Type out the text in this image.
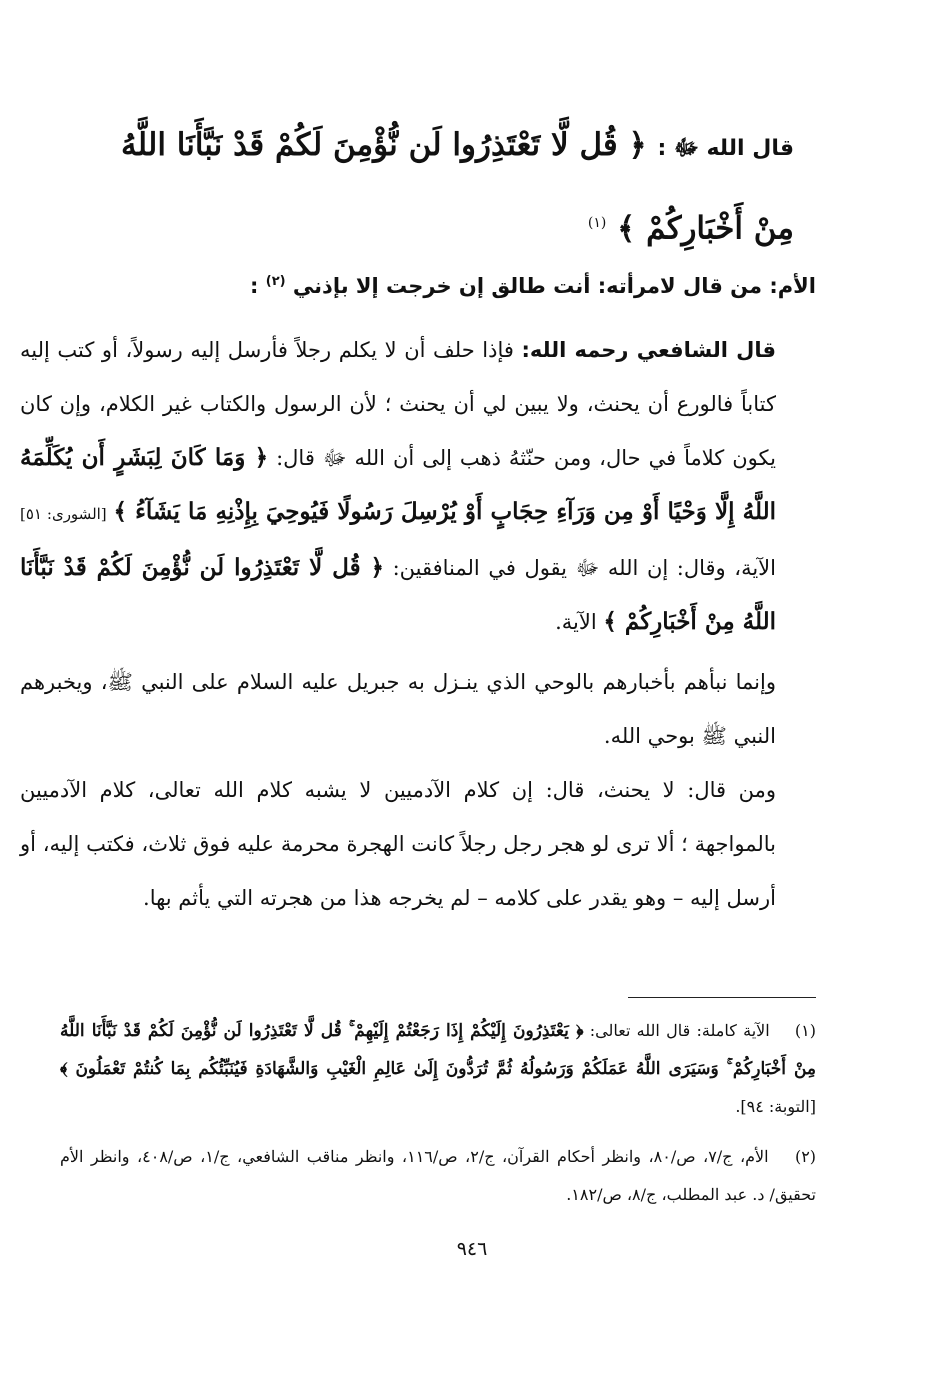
قال الله ﷻ : ﴿ قُل لَّا تَعْتَذِرُوا لَن نُّؤْمِنَ لَكُمْ قَدْ نَبَّأَنَا اللَّهُ مِنْ أَخْبَارِكُمْ ﴾ $^{(١)}$
الأم: من قال لامرأته: أنت طالق إن خرجت إلا بإذني $^{(٢)}$ :
قال الشافعي رحمه الله: فإذا حلف أن لا يكلم رجلاً فأرسل إليه رسولاً، أو كتب إليه كتاباً فالورع أن يحنث، ولا يبين لي أن يحنث ؛ لأن الرسول والكتاب غير الكلام، وإن كان يكون كلاماً في حال، ومن حنّثهُ ذهب إلى أن الله ﷻ قال: ﴿ وَمَا كَانَ لِبَشَرٍ أَن يُكَلِّمَهُ اللَّهُ إِلَّا وَحْيًا أَوْ مِن وَرَآءِ حِجَابٍ أَوْ يُرْسِلَ رَسُولًا فَيُوحِيَ بِإِذْنِهِ مَا يَشَآءُ ﴾ [الشورى: ٥١] الآية، وقال: إن الله ﷻ يقول في المنافقين: ﴿ قُل لَّا تَعْتَذِرُوا لَن نُّؤْمِنَ لَكُمْ قَدْ نَبَّأَنَا اللَّهُ مِنْ أَخْبَارِكُمْ ﴾ الآية.
وإنما نبأهم بأخبارهم بالوحي الذي ينـزل به جبريل عليه السلام على النبي ﷺ، ويخبرهم النبي ﷺ بوحي الله.
ومن قال: لا يحنث، قال: إن كلام الآدميين لا يشبه كلام الله تعالى، كلام الآدميين بالمواجهة ؛ ألا ترى لو هجر رجل رجلاً كانت الهجرة محرمة عليه فوق ثلاث، فكتب إليه، أو أرسل إليه – وهو يقدر على كلامه – لم يخرجه هذا من هجرته التي يأثم بها.
(١) الآية كاملة: قال الله تعالى: ﴿ يَعْتَذِرُونَ إِلَيْكُمْ إِذَا رَجَعْتُمْ إِلَيْهِمْ ۚ قُل لَّا تَعْتَذِرُوا لَن نُّؤْمِنَ لَكُمْ قَدْ نَبَّأَنَا اللَّهُ مِنْ أَخْبَارِكُمْ ۚ وَسَيَرَى اللَّهُ عَمَلَكُمْ وَرَسُولُهُ ثُمَّ تُرَدُّونَ إِلَىٰ عَالِمِ الْغَيْبِ وَالشَّهَادَةِ فَيُنَبِّئُكُم بِمَا كُنتُمْ تَعْمَلُونَ ﴾ [التوبة: ٩٤].
(٢) الأم، ج/٧، ص/٨٠، وانظر أحكام القرآن، ج/٢، ص/١١٦، وانظر مناقب الشافعي، ج/١، ص/٤٠٨، وانظر الأم تحقيق/ د. عبد المطلب، ج/٨، ص/١٨٢.
٩٤٦
